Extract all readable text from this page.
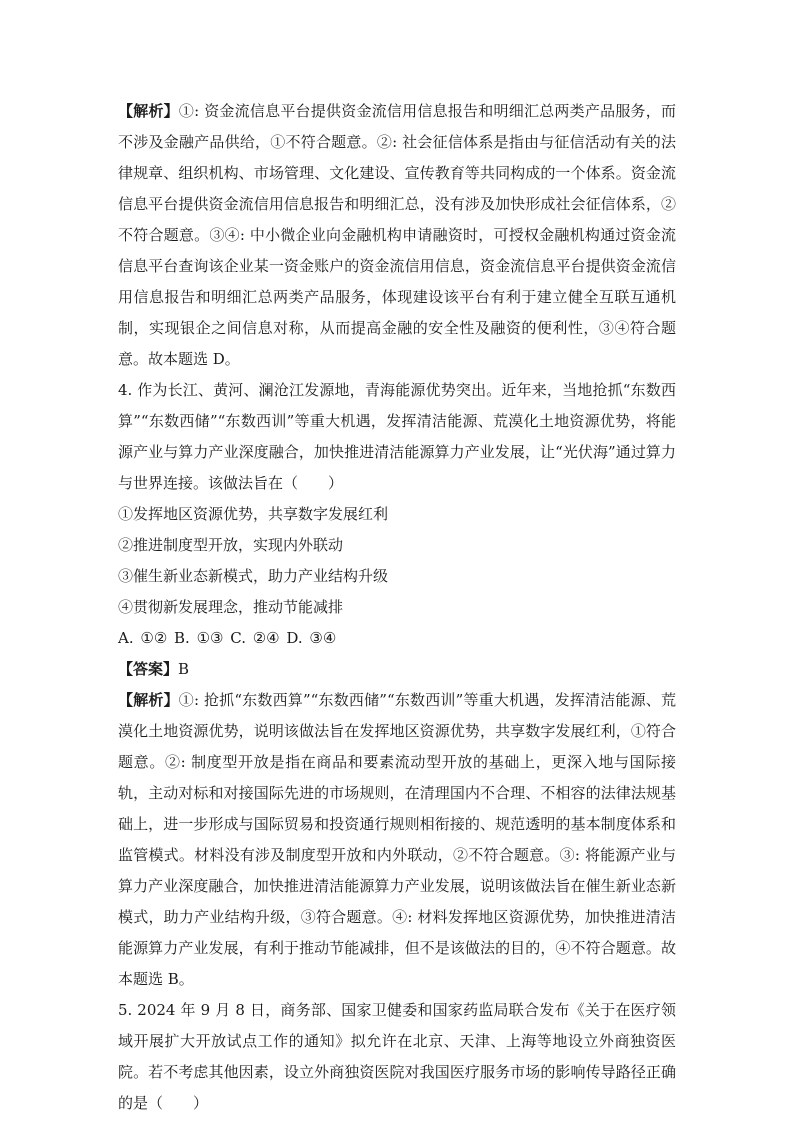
【解析】①: 资金流信息平台提供资金流信用信息报告和明细汇总两类产品服务，而不涉及金融产品供给，①不符合题意。②: 社会征信体系是指由与征信活动有关的法律规章、组织机构、市场管理、文化建设、宣传教育等共同构成的一个体系。资金流信息平台提供资金流信用信息报告和明细汇总，没有涉及加快形成社会征信体系，②不符合题意。③④: 中小微企业向金融机构申请融资时，可授权金融机构通过资金流信息平台查询该企业某一资金账户的资金流信用信息，资金流信息平台提供资金流信用信息报告和明细汇总两类产品服务，体现建设该平台有利于建立健全互联互通机制，实现银企之间信息对称，从而提高金融的安全性及融资的便利性，③④符合题意。故本题选 D。

4. 作为长江、黄河、澜沧江发源地，青海能源优势突出。近年来，当地抢抓“东数西算”“东数西储”“东数西训”等重大机遇，发挥清洁能源、荒漠化土地资源优势，将能源产业与算力产业深度融合，加快推进清洁能源算力产业发展，让“光伏海”通过算力与世界连接。该做法旨在（　　）

①发挥地区资源优势，共享数字发展红利

②推进制度型开放，实现内外联动

③催生新业态新模式，助力产业结构升级

④贯彻新发展理念，推动节能减排

A. ①② B. ①③ C. ②④ D. ③④

【答案】B

【解析】①: 抢抓“东数西算”“东数西储”“东数西训”等重大机遇，发挥清洁能源、荒漠化土地资源优势，说明该做法旨在发挥地区资源优势，共享数字发展红利，①符合题意。②: 制度型开放是指在商品和要素流动型开放的基础上，更深入地与国际接轨，主动对标和对接国际先进的市场规则，在清理国内不合理、不相容的法律法规基础上，进一步形成与国际贸易和投资通行规则相衔接的、规范透明的基本制度体系和监管模式。材料没有涉及制度型开放和内外联动，②不符合题意。③: 将能源产业与算力产业深度融合，加快推进清洁能源算力产业发展，说明该做法旨在催生新业态新模式，助力产业结构升级，③符合题意。④: 材料发挥地区资源优势，加快推进清洁能源算力产业发展，有利于推动节能减排，但不是该做法的目的，④不符合题意。故本题选 B。

5. 2024 年 9 月 8 日，商务部、国家卫健委和国家药监局联合发布《关于在医疗领域开展扩大开放试点工作的通知》拟允许在北京、天津、上海等地设立外商独资医院。若不考虑其他因素，设立外商独资医院对我国医疗服务市场的影响传导路径正确的是（　　）
